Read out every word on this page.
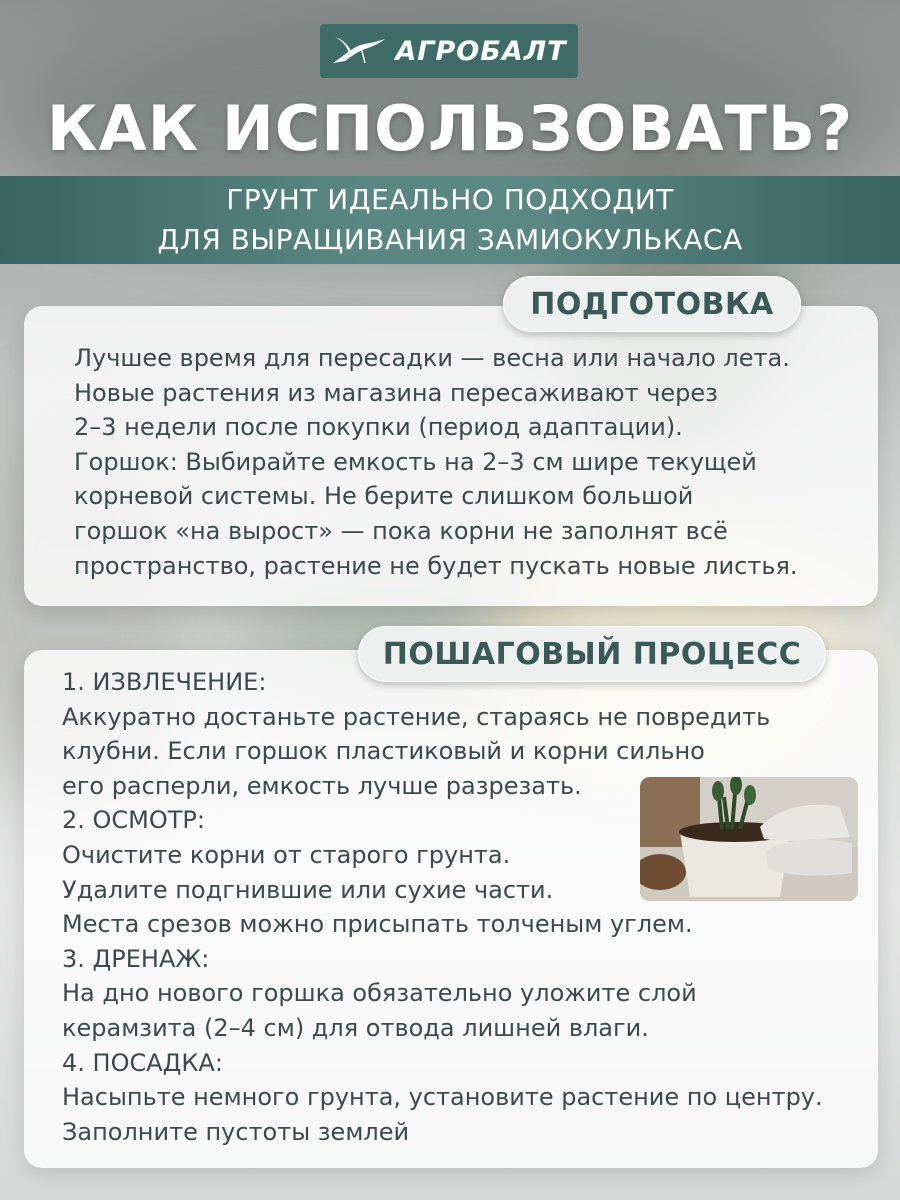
АГРОБАЛТ
КАК ИСПОЛЬЗОВАТЬ?
ГРУНТ ИДЕАЛЬНО ПОДХОДИТ
ДЛЯ ВЫРАЩИВАНИЯ ЗАМИОКУЛЬКАСА
ПОДГОТОВКА
Лучшее время для пересадки — весна или начало лета.
Новые растения из магазина пересаживают через
2–3 недели после покупки (период адаптации).
Горшок: Выбирайте емкость на 2–3 см шире текущей
корневой системы. Не берите слишком большой
горшок «на вырост» — пока корни не заполнят всё
пространство, растение не будет пускать новые листья.
ПОШАГОВЫЙ ПРОЦЕСС
1. ИЗВЛЕЧЕНИЕ:
Аккуратно достаньте растение, стараясь не повредить
клубни. Если горшок пластиковый и корни сильно
его расперли, емкость лучше разрезать.
2. ОСМОТР:
Очистите корни от старого грунта.
Удалите подгнившие или сухие части.
Места срезов можно присыпать толченым углем.
3. ДРЕНАЖ:
На дно нового горшка обязательно уложите слой
керамзита (2–4 см) для отвода лишней влаги.
4. ПОСАДКА:
Насыпьте немного грунта, установите растение по центру.
Заполните пустоты землей
